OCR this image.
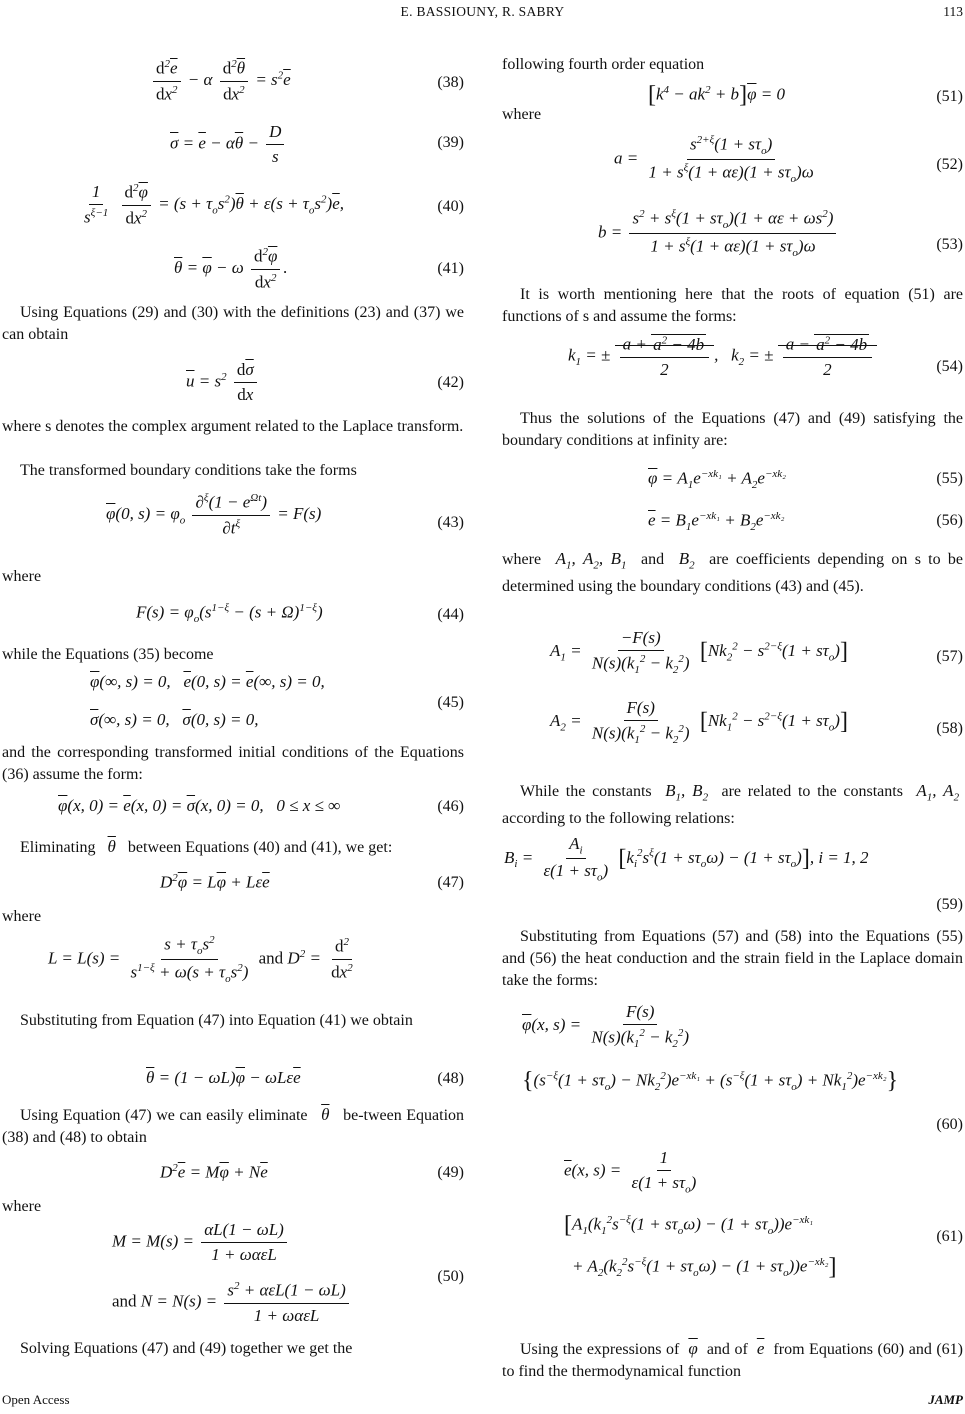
E. BASSIOUNY, R. SABRY	113
$\frac{d^2\overline{e}}{dx^2} - \alpha \frac{d^2\overline{\theta}}{dx^2} = s^2\overline{e}$	(38)
$\overline{\sigma} = \overline{e} - \alpha\overline{\theta} - \frac{D}{s}$	(39)
$\frac{1}{s^{\xi-1}}$
$\frac{d^2\overline{\varphi}}{dx^2} = (s + \tau_os^2)\overline{\theta} + \varepsilon(s + \tau_os^2)\overline{e}$,	(40)
$\overline{\theta} = \overline{\varphi} - \omega \frac{d^2\overline{\varphi}}{dx^2}$ .	(41)
Using Equations (29) and (30) with the definitions (23) and (37) we can obtain
$\overline{u} = s^2 \frac{d\overline{\sigma}}{dx}$	(42)
where s denotes the complex argument related to the Laplace transform.
The transformed boundary conditions take the forms
$\overline{\varphi}(0$, $s) = \varphi_o \frac{\partial^\xi(1 - e^{\Omega t})}{\partial t^\xi} = F(s)$	(43)
where
$F(s) = \varphi_o(s^{1-\xi} - (s + \Omega)^{1-\xi})$	(44)
while the Equations (35) become
$\overline{\varphi}(\infty$, s) = 0,   $\overline{e}(0$, $s) = \overline{e}(\infty$, s) = 0,
$\overline{\sigma}(\infty$, s) = 0,   $\overline{\sigma}(0$, s) = 0,
(45)
and the corresponding transformed initial conditions of the Equations (36) assume the form:
$\overline{\varphi}(x$, $0) = \overline{e}(x$, $0) = \overline{\sigma}(x$, 0) = 0,   0 ≤ x ≤ ∞	(46)
Eliminating $\overline{\theta}$ between Equations (40) and (41), we get:
$D^2\overline{\varphi} = L\overline{\varphi} + L\varepsilon\overline{e}$	(47)
where
$L = L(s) = \frac{s + \tau_os^2}{s^{1-\xi} + \omega(s + \tau_os^2)}$ and $D^2 = \frac{d^2}{dx^2}$
Substituting from Equation (47) into Equation (41) we obtain
$\overline{\theta} = (1 - \omega L)\overline{\varphi} - \omega L\varepsilon\overline{e}$	(48)
Using Equation (47) we can easily eliminate $\overline{\theta}$ be-tween Equation (38) and (48) to obtain
$D^2\overline{e} = M\overline{\varphi} + N\overline{e}$	(49)
where
$M = M(s) = \frac{\alpha L(1 - \omega L)}{\text{1 + ωαεL}}$
and $N = N(s) = \frac{s^2 + \alpha\varepsilon L(1 - \omega L)}{\text{1 + ωαεL}}$
(50)
Solving Equations (47) and (49) together we get the
following fourth order equation
$[k^4 - ak^2 + b]\overline{\varphi} = 0$	(51)
where
$a = \frac{s^{2+\xi}(1 + s\tau_o)}{1 + s^\xi(1 + \alpha\varepsilon)(1 + s\tau_o)\omega}$	(52)
$b = \frac{s^2 + s^\xi(1 + s\tau_o)(1 + \alpha\varepsilon + \omega s^2)}{1 + s^\xi(1 + \alpha\varepsilon)(1 + s\tau_o)\omega}$	(53)
It is worth mentioning here that the roots of equation (51) are functions of s and assume the forms:
$k_1$ = ± $\frac{a + a^2 - 4b}{2}$ ,   $k_2$ = ± $\frac{a - a^2 - 4b}{2}$	(54)
Thus the solutions of the Equations (47) and (49) satisfying the boundary conditions at infinity are:
$\overline{\varphi} = A_1e^{-xk_1} + A_2e^{-xk_2}$	(55)
$\overline{e} = B_1e^{-xk_1} + B_2e^{-xk_2}$	(56)
where $A_1$, $A_2$, $B_1$ and $B_2$ are coefficients depending on s to be determined using the boundary conditions (43) and (45).
$A_1 = \frac{-F(s)}{N(s)(k_1^2 - k_2^2)} [Nk_2^2 - s^{2-\xi}(1 + s\tau_o)]$	(57)
$A_2 = \frac{F(s)}{N(s)(k_1^2 - k_2^2)} [Nk_1^2 - s^{2-\xi}(1 + s\tau_o)]$	(58)
While the constants $B_1$, $B_2$ are related to the constants $A_1$, $A_2$  according to the following relations:
$B_i = \frac{A_i}{\varepsilon(1 + s\tau_o)} [k_i^2s^\xi(1 + s\tau_o\omega) - (1 + s\tau_o)]$, i = 1, 2
(59)
Substituting from Equations (57) and (58) into the Equations (55) and (56) the heat conduction and the strain field in the Laplace domain take the forms:
$\overline{\varphi}(x$, $s) = \frac{F(s)}{N(s)(k_1^2 - k_2^2)}$
$\{(s^{-\xi}(1 + s\tau_o) - Nk_2^2)e^{-xk_1} + (s^{-\xi}(1 + s\tau_o) + Nk_1^2)e^{-xk_2}\}$
(60)
$\overline{e}(x$, $s) = \frac{1}{\varepsilon(1 + s\tau_o)}$
[$A_1(k_1^2s^{-\xi}(1 + s\tau_o\omega) - (1 + s\tau_o))e^{-xk_1}$
+ $A_2(k_2^2s^{-\xi}(1 + s\tau_o\omega) - (1 + s\tau_o))e^{-xk_2}$]
(61)
Using the expressions of $\overline{\varphi}$ and of $\overline{e}$ from Equations (60) and (61) to find the thermodynamical function
Open Access	JAMP
